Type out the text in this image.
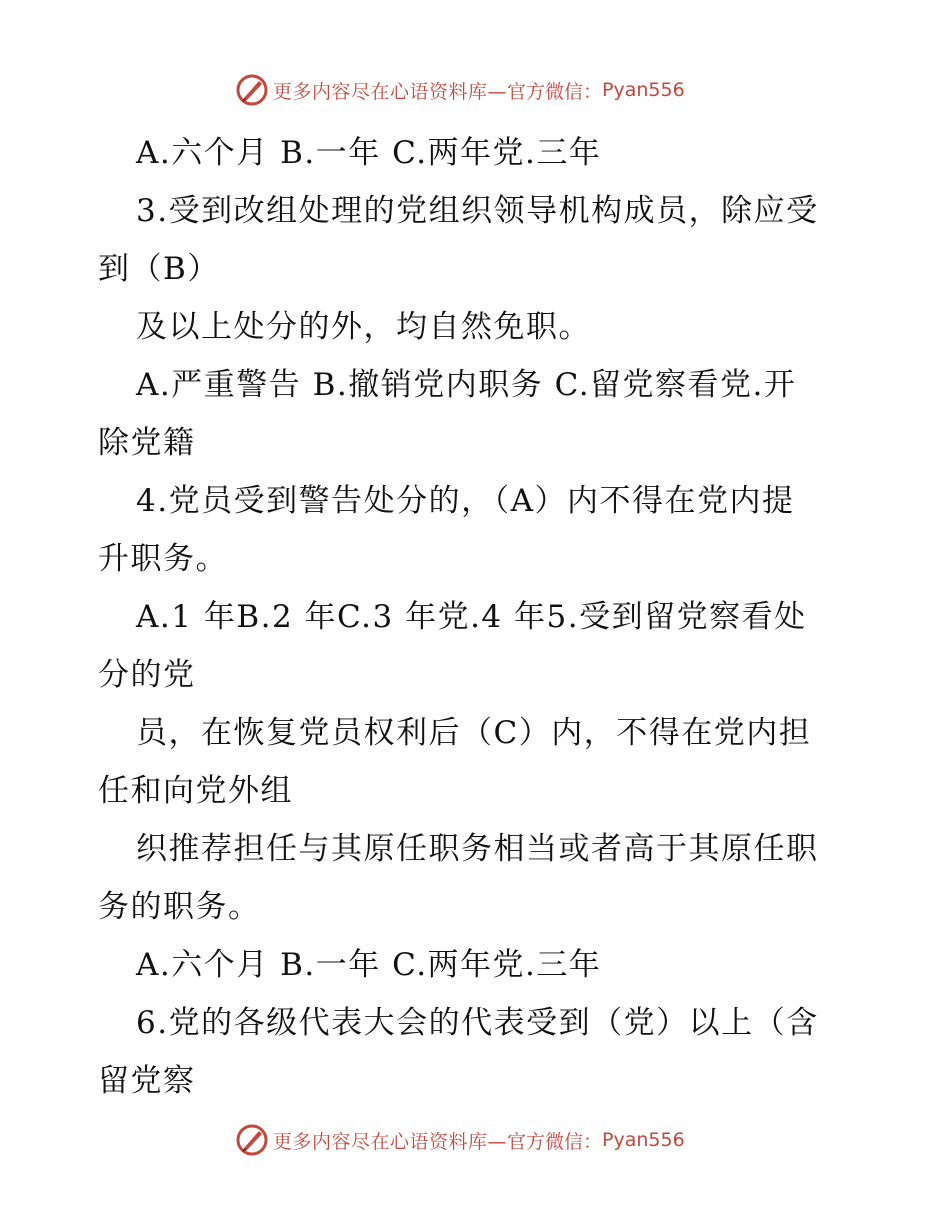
更多内容尽在心语资料库— 官方微信： Pyan556
A.六个月 B.一年 C.两年党.三年
3.受到改组处理的党组织领导机构成员，除应受
到（B）
及以上处分的外，均自然免职。
A.严重警告 B.撤销党内职务 C.留党察看党.开
除党籍
4.党员受到警告处分的，（A）内不得在党内提
升职务。
A.1 年B.2 年C.3 年党.4 年5.受到留党察看处
分的党
员，在恢复党员权利后（C）内，不得在党内担
任和向党外组
织推荐担任与其原任职务相当或者高于其原任职
务的职务。
A.六个月 B.一年 C.两年党.三年
6.党的各级代表大会的代表受到（党）以上（含
留党察
更多内容尽在心语资料库— 官方微信： Pyan556
